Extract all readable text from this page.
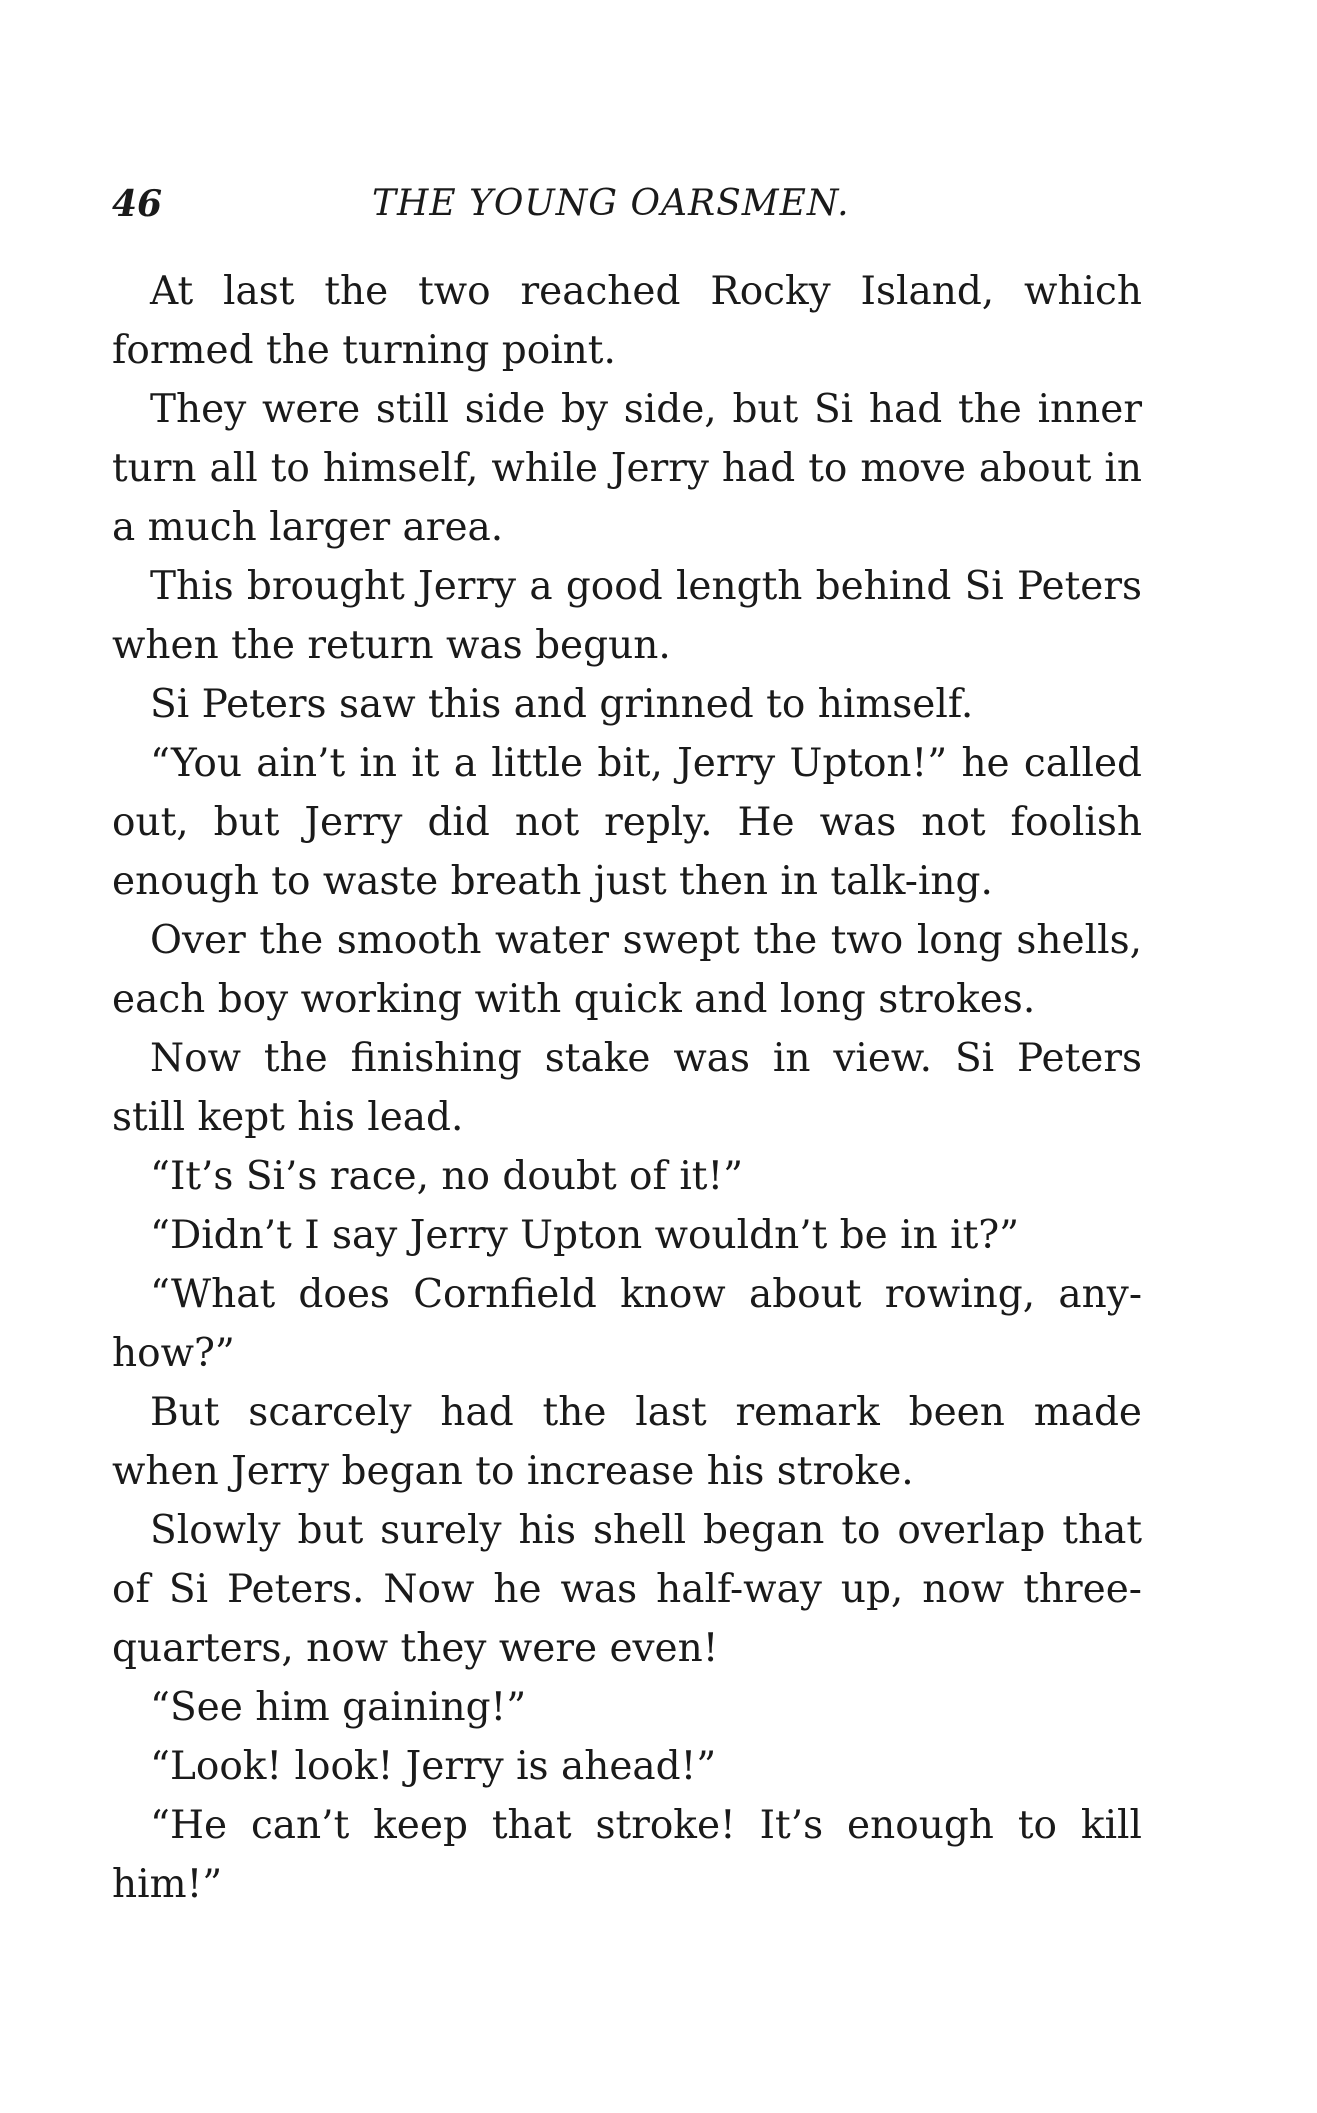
46	THE YOUNG OARSMEN.

At last the two reached Rocky Island, which formed the turning point.

They were still side by side, but Si had the inner turn all to himself, while Jerry had to move about in a much larger area.

This brought Jerry a good length behind Si Peters when the return was begun.

Si Peters saw this and grinned to himself.

“You ain’t in it a little bit, Jerry Upton!” he called out, but Jerry did not reply. He was not foolish enough to waste breath just then in talk-ing.

Over the smooth water swept the two long shells, each boy working with quick and long strokes.

Now the finishing stake was in view. Si Peters still kept his lead.

“It’s Si’s race, no doubt of it!”

“Didn’t I say Jerry Upton wouldn’t be in it?”

“What does Cornfield know about rowing, any-how?”

But scarcely had the last remark been made when Jerry began to increase his stroke.

Slowly but surely his shell began to overlap that of Si Peters. Now he was half-way up, now three-quarters, now they were even!

“See him gaining!”

“Look! look! Jerry is ahead!”

“He can’t keep that stroke! It’s enough to kill him!”
